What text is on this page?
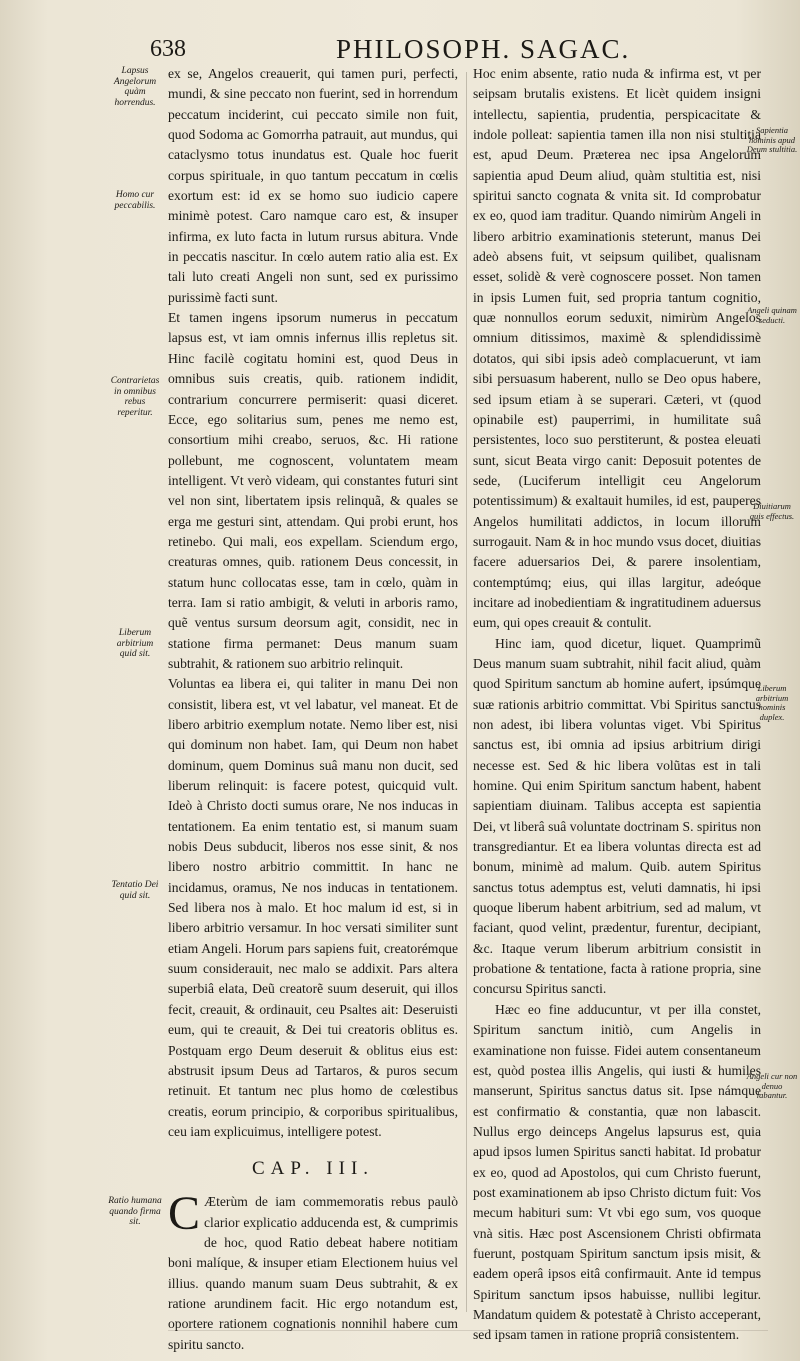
638	PHILOSOPH. SAGAC.
Lapsus Angelorum quàm horrendus.
Homo cur peccabilis.
Contrarietas in omnibus rebus reperitur.
Liberum arbitrium quid sit.
Tentatio Dei quid sit.
Ratio humana quando firma sit.
Sapientia hominis apud Deum stultitia.
Angeli quinam seducti.
Diuitiarum quis effectus.
Liberum arbitrium hominis duplex.
Angeli cur non denuo labantur.

ex se, Angelos creauerit, qui tamen puri, perfecti, mundi, & sine peccato non fuerint, sed in horrendum peccatum inciderint, cui peccato simile non fuit, quod Sodoma ac Gomorrha patrauit, aut mundus, qui cataclysmo totus inundatus est. Quale hoc fuerit corpus spirituale, in quo tantum peccatum in cœlis exortum est: id ex se homo suo iudicio capere minimè potest. Caro namque caro est, & insuper infirma, ex luto facta in lutum rursus abitura. Vnde in peccatis nascitur. In cœlo autem ratio alia est. Ex tali luto creati Angeli non sunt, sed ex purissimo purissimè facti sunt.

Et tamen ingens ipsorum numerus in peccatum lapsus est, vt iam omnis infernus illis repletus sit. Hinc facilè cogitatu homini est, quod Deus in omnibus suis creatis, quib. rationem indidit, contrarium concurrere permiserit: quasi diceret. Ecce, ego solitarius sum, penes me nemo est, consortium mihi creabo, seruos, &c. Hi ratione pollebunt, me cognoscent, voluntatem meam intelligent. Vt verò videam, qui constantes futuri sint vel non sint, libertatem ipsis relinquã, & quales se erga me gesturi sint, attendam. Qui probi erunt, hos retinebo. Qui mali, eos expellam. Sciendum ergo, creaturas omnes, quib. rationem Deus concessit, in statum hunc collocatas esse, tam in cœlo, quàm in terra. Iam si ratio ambigit, & veluti in arboris ramo, quẽ ventus sursum deorsum agit, considit, nec in statione firma permanet: Deus manum suam subtrahit, & rationem suo arbitrio relinquit.

Voluntas ea libera ei, qui taliter in manu Dei non consistit, libera est, vt vel labatur, vel maneat. Et de libero arbitrio exemplum notate. Nemo liber est, nisi qui dominum non habet. Iam, qui Deum non habet dominum, quem Dominus suâ manu non ducit, sed liberum relinquit: is facere potest, quicquid vult. Ideò à Christo docti sumus orare, Ne nos inducas in tentationem. Ea enim tentatio est, si manum suam nobis Deus subducit, liberos nos esse sinit, & nos libero nostro arbitrio committit. In hanc ne incidamus, oramus, Ne nos inducas in tentationem. Sed libera nos à malo. Et hoc malum id est, si in libero arbitrio versamur. In hoc versati similiter sunt etiam Angeli. Horum pars sapiens fuit, creatorémque suum considerauit, nec malo se addixit. Pars altera superbiâ elata, Deũ creatorẽ suum deseruit, qui illos fecit, creauit, & ordinauit, ceu Psaltes ait: Deseruisti eum, qui te creauit, & Dei tui creatoris oblitus es. Postquam ergo Deum deseruit & oblitus eius est: abstrusit ipsum Deus ad Tartaros, & puros secum retinuit. Et tantum nec plus homo de cœlestibus creatis, eorum principio, & corporibus spiritualibus, ceu iam explicuimus, intelligere potest.

CAP. III.

C Æterùm de iam commemoratis rebus paulò clarior explicatio adducenda est, & cumprimis de hoc, quod Ratio debeat habere notitiam boni malíque, & insuper etiam Electionem huius vel illius. quando manum suam Deus subtrahit, & ex ratione arundinem facit. Hic ergo notandum est, oportere rationem cognationis nonnihil habere cum spiritu sancto.

Hoc enim absente, ratio nuda & infirma est, vt per seipsam brutalis existens. Et licèt quidem insigni intellectu, sapientia, prudentia, perspicacitate & indole polleat: sapientia tamen illa non nisi stultitia est, apud Deum. Præterea nec ipsa Angelorum sapientia apud Deum aliud, quàm stultitia est, nisi spiritui sancto cognata & vnita sit. Id comprobatur ex eo, quod iam traditur. Quando nimirùm Angeli in libero arbitrio examinationis steterunt, manus Dei adeò absens fuit, vt seipsum quilibet, qualisnam esset, solidè & verè cognoscere posset. Non tamen in ipsis Lumen fuit, sed propria tantum cognitio, quæ nonnullos eorum seduxit, nimirùm Angelos omnium ditissimos, maximè & splendidissimè dotatos, qui sibi ipsis adeò complacuerunt, vt iam sibi persuasum haberent, nullo se Deo opus habere, sed ipsum etiam à se superari. Cæteri, vt (quod opinabile est) pauperrimi, in humilitate suâ persistentes, loco suo perstiterunt, & postea eleuati sunt, sicut Beata virgo canit: Deposuit potentes de sede, (Luciferum intelligit ceu Angelorum potentissimum) & exaltauit humiles, id est, pauperes Angelos humilitati addictos, in locum illorum surrogauit. Nam & in hoc mundo vsus docet, diuitias facere aduersarios Dei, & parere insolentiam, contemptúmq; eius, qui illas largitur, adeóque incitare ad inobedientiam & ingratitudinem aduersus eum, qui opes creauit & contulit.

Hinc iam, quod dicetur, liquet. Quamprimũ Deus manum suam subtrahit, nihil facit aliud, quàm quod Spiritum sanctum ab homine aufert, ipsúmque suæ rationis arbitrio committat. Vbi Spiritus sanctus non adest, ibi libera voluntas viget. Vbi Spiritus sanctus est, ibi omnia ad ipsius arbitrium dirigi necesse est. Sed & hic libera volũtas est in tali homine. Qui enim Spiritum sanctum habent, habent sapientiam diuinam. Talibus accepta est sapientia Dei, vt liberâ suâ voluntate doctrinam S. spiritus non transgrediantur. Et ea libera voluntas directa est ad bonum, minimè ad malum. Quib. autem Spiritus sanctus totus ademptus est, veluti damnatis, hi ipsi quoque liberum habent arbitrium, sed ad malum, vt faciant, quod velint, prædentur, furentur, decipiant, &c. Itaque verum liberum arbitrium consistit in probatione & tentatione, facta à ratione propria, sine concursu Spiritus sancti.

Hæc eo fine adducuntur, vt per illa constet, Spiritum sanctum initiò, cum Angelis in examinatione non fuisse. Fidei autem consentaneum est, quòd postea illis Angelis, qui iusti & humiles manserunt, Spiritus sanctus datus sit. Ipse námque est confirmatio & constantia, quæ non labascit. Nullus ergo deinceps Angelus lapsurus est, quia apud ipsos lumen Spiritus sancti habitat. Id probatur ex eo, quod ad Apostolos, qui cum Christo fuerunt, post examinationem ab ipso Christo dictum fuit: Vos mecum habituri sum: Vt vbi ego sum, vos quoque vnà sitis. Hæc post Ascensionem Christi obfirmata fuerunt, postquam Spiritum sanctum ipsis misit, & eadem operâ ipsos eitâ confirmauit. Ante id tempus Spiritum sanctum ipsos habuisse, nullibi legitur. Mandatum quidem & potestatẽ à Christo acceperant, sed ipsam tamen in ratione propriâ consistentem.
